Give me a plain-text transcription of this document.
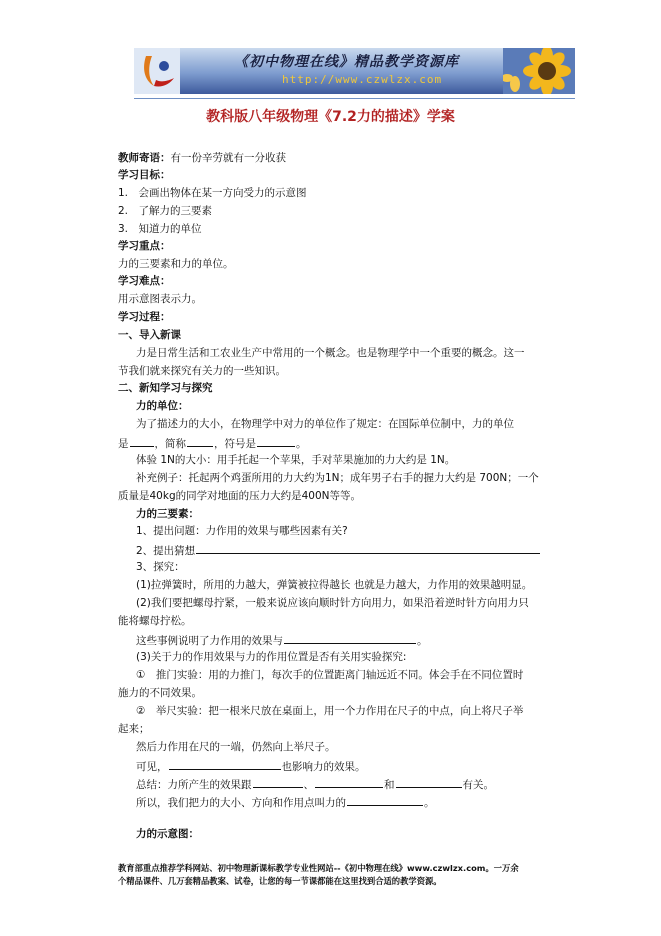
《初中物理在线》精品教学资源库
http://www.czwlzx.com
教科版八年级物理《7.2力的描述》学案

教师寄语：有一份辛劳就有一分收获

学习目标：

1.　会画出物体在某一方向受力的示意图

2.　了解力的三要素

3.　知道力的单位

学习重点：

力的三要素和力的单位。

学习难点：

用示意图表示力。

学习过程：

一、导入新课

力是日常生活和工农业生产中常用的一个概念。也是物理学中一个重要的概念。这一

节我们就来探究有关力的一些知识。

二、新知学习与探究

力的单位：

为了描述力的大小，在物理学中对力的单位作了规定：在国际单位制中，力的单位

是 ，简称	，符号是	。

体验 1N的大小：用手托起一个苹果，手对苹果施加的力大约是 1N。

补充例子：托起两个鸡蛋所用的力大约为1N；成年男子右手的握力大约是 700N；一个

质量是40kg的同学对地面的压力大约是400N等等。

力的三要素：

1、提出问题：力作用的效果与哪些因素有关?

2、提出猜想

3、探究：

(1)拉弹簧时，所用的力越大，弹簧被拉得越长 也就是力越大，力作用的效果越明显。

(2)我们要把螺母拧紧，一般来说应该向顺时针方向用力，如果沿着逆时针方向用力只

能将螺母拧松。

这些事例说明了力作用的效果与	。

(3)关于力的作用效果与力的作用位置是否有关用实验探究:

①　推门实验：用的力推门，每次手的位置距离门轴远近不同。体会手在不同位置时

施力的不同效果。

②　举尺实验：把一根米尺放在桌面上，用一个力作用在尺子的中点，向上将尺子举

起来；

然后力作用在尺的一端，仍然向上举尺子。

可见，	也影响力的效果。

总结：力所产生的效果跟	、	和	有关。

所以，我们把力的大小、方向和作用点叫力的	。

力的示意图：

教育部重点推荐学科网站、初中物理新课标教学专业性网站--《初中物理在线》www.czwlzx.com。一万余

个精品课件、几万套精品教案、试卷，让您的每一节课都能在这里找到合适的教学资源。
